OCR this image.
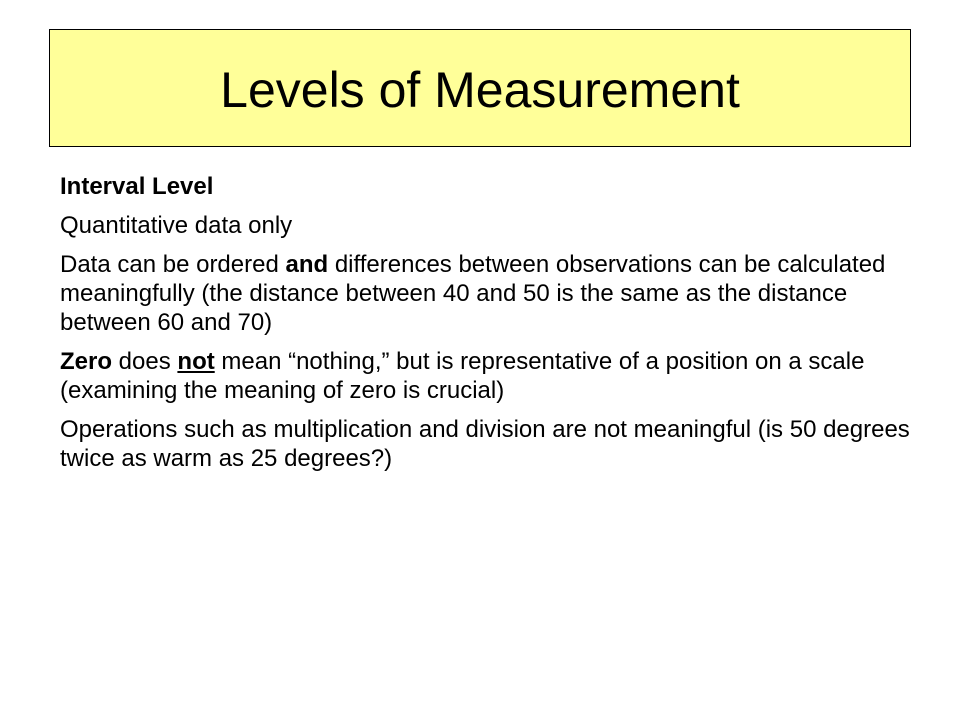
Levels of Measurement

Interval Level

Quantitative data only

Data can be ordered and differences between observations can be calculated meaningfully (the distance between 40 and 50 is the same as the distance between 60 and 70)

Zero does not mean “nothing,” but is representative of a position on a scale (examining the meaning of zero is crucial)

Operations such as multiplication and division are not meaningful (is 50 degrees twice as warm as 25 degrees?)
